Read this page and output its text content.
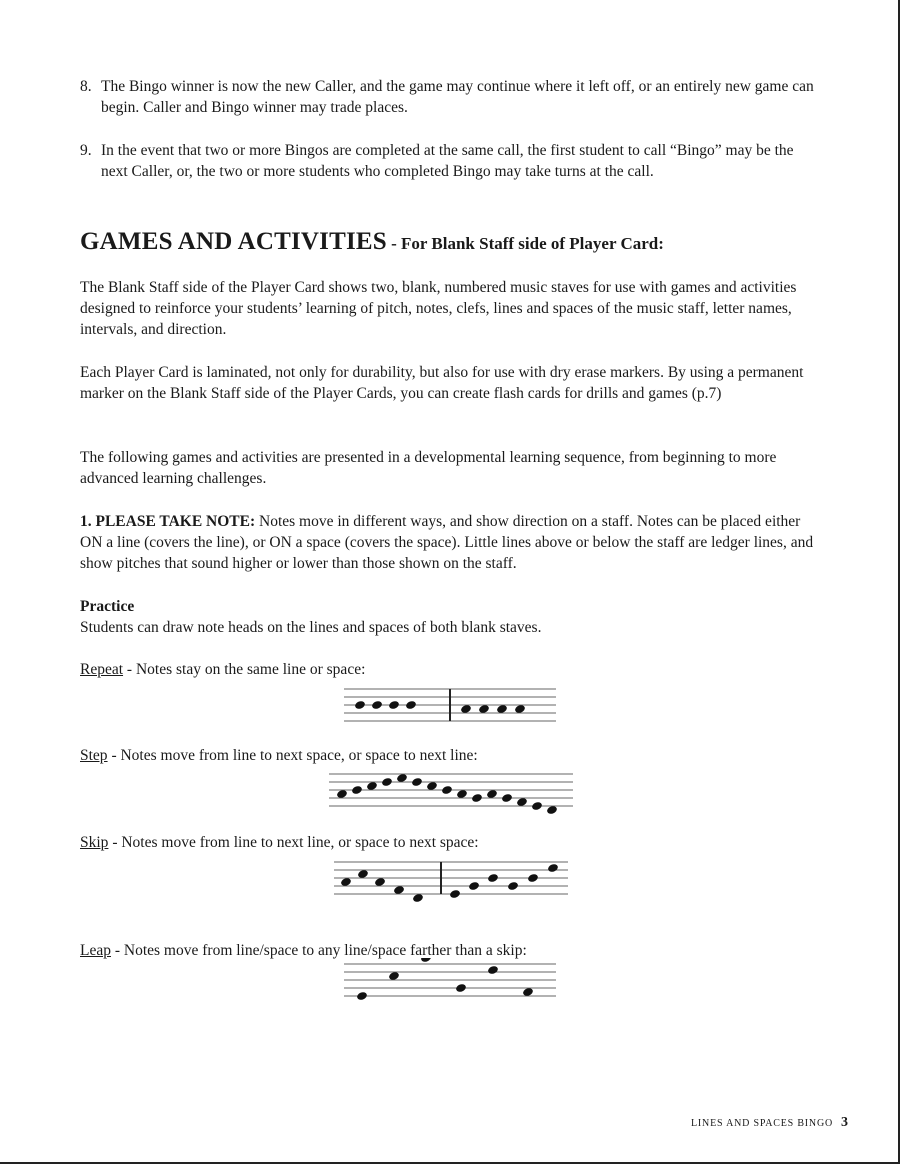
8. The Bingo winner is now the new Caller, and the game may continue where it left off, or an entirely new game can begin. Caller and Bingo winner may trade places.
9. In the event that two or more Bingos are completed at the same call, the first student to call “Bingo” may be the next Caller, or, the two or more students who completed Bingo may take turns at the call.
GAMES AND ACTIVITIES - For Blank Staff side of Player Card:

The Blank Staff side of the Player Card shows two, blank, numbered music staves for use with games and activities designed to reinforce your students’ learning of pitch, notes, clefs, lines and spaces of the music staff, letter names, intervals, and direction.

Each Player Card is laminated, not only for durability, but also for use with dry erase markers. By using a permanent marker on the Blank Staff side of the Player Cards, you can create flash cards for drills and games (p.7)

The following games and activities are presented in a developmental learning sequence, from beginning to more advanced learning challenges.

1. PLEASE TAKE NOTE: Notes move in different ways, and show direction on a staff. Notes can be placed either ON a line (covers the line), or ON a space (covers the space). Little lines above or below the staff are ledger lines, and show pitches that sound higher or lower than those shown on the staff.

Practice
Students can draw note heads on the lines and spaces of both blank staves.
Repeat - Notes stay on the same line or space:
Step - Notes move from line to next space, or space to next line:
Skip - Notes move from line to next line, or space to next space:
Leap - Notes move from line/space to any line/space farther than a skip:
LINES AND SPACES BINGO 3
